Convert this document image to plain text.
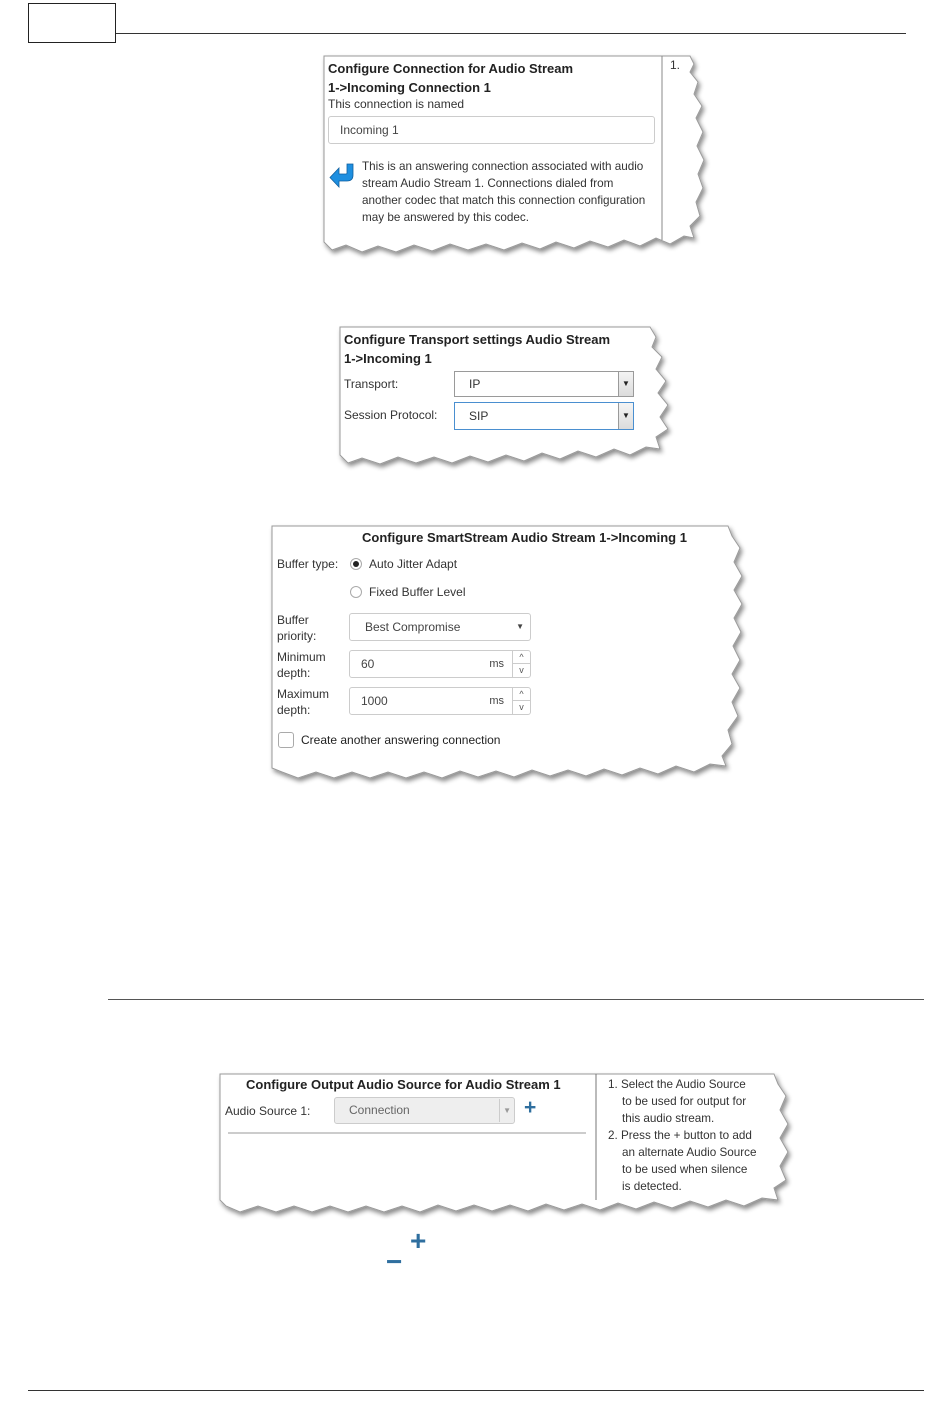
Configure Connection for Audio Stream
1->Incoming Connection 1
This connection is named
Incoming 1
This is an answering connection associated with audio
stream Audio Stream 1. Connections dialed from
another codec that match this connection configuration
may be answered by this codec.
1.
Configure Transport settings Audio Stream
1->Incoming 1
Transport:	IP	▼
Session Protocol:	SIP	▼
Configure SmartStream Audio Stream 1->Incoming 1
Buffer type:	Auto Jitter Adapt
Fixed Buffer Level
Buffer
priority:
Best Compromise	▼
Minimum
depth:
60	ms
^
v
Maximum
depth:
1000	ms
^
v
Create another answering connection
Configure Output Audio Source for Audio Stream 1
Audio Source 1:	Connection	▼ +
1. Select the Audio Source
to be used for output for
this audio stream.
2. Press the + button to add
an alternate Audio Source
to be used when silence
is detected.
+
−
